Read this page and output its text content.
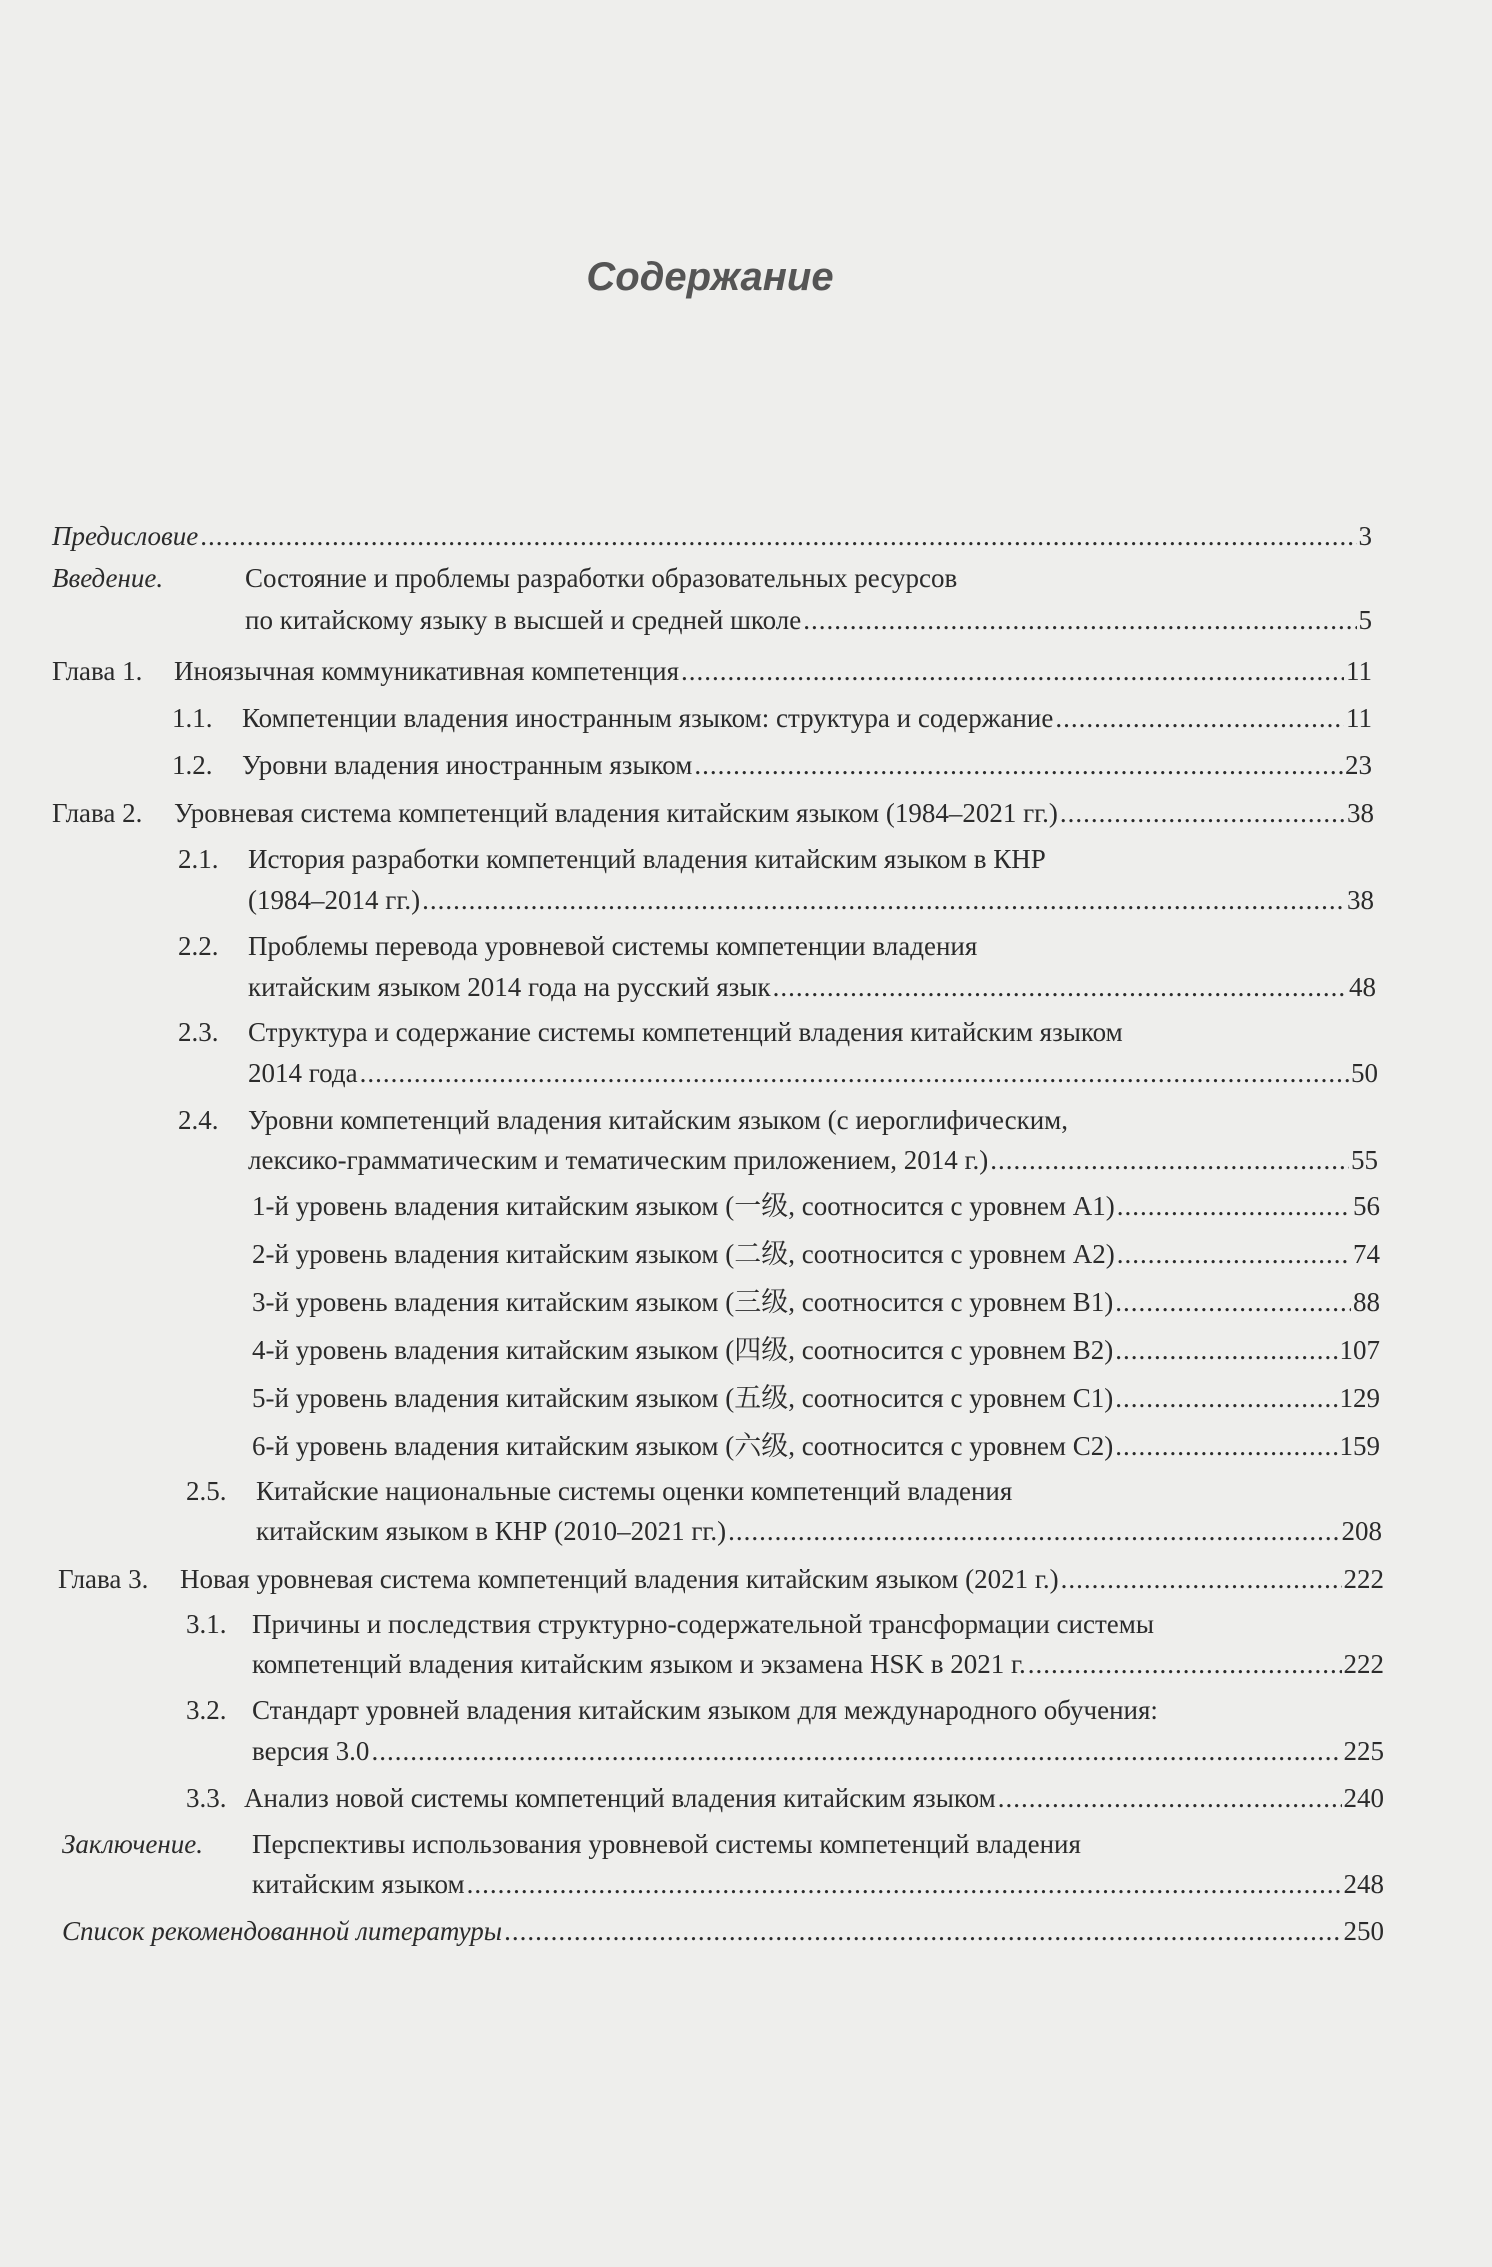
Содержание
Предисловие .....	3
Введение.	Состояние и проблемы разработки образовательных ресурсов
по китайскому языку в высшей и средней школе .....	5
Глава 1.	Иноязычная коммуникативная компетенция .....	11
1.1.	Компетенции владения иностранным языком: структура и содержание .....	11
1.2.	Уровни владения иностранным языком .....	23
Глава 2.	Уровневая система компетенций владения китайским языком (1984–2021 гг.) .....	38
2.1.	История разработки компетенций владения китайским языком в КНР
(1984–2014 гг.) .....	38
2.2.	Проблемы перевода уровневой системы компетенции владения
китайским языком 2014 года на русский язык .....	48
2.3.	Структура и содержание системы компетенций владения китайским языком
2014 года .....	50
2.4.	Уровни компетенций владения китайским языком (с иероглифическим,
лексико-грамматическим и тематическим приложением, 2014 г.) .....	55
1-й уровень владения китайским языком (一级, соотносится с уровнем А1) .....	56
2-й уровень владения китайским языком (二级, соотносится с уровнем А2) .....	74
3-й уровень владения китайским языком (三级, соотносится с уровнем В1) .....	88
4-й уровень владения китайским языком (四级, соотносится с уровнем В2) .....	107
5-й уровень владения китайским языком (五级, соотносится с уровнем С1) .....	129
6-й уровень владения китайским языком (六级, соотносится с уровнем С2) .....	159
2.5.	Китайские национальные системы оценки компетенций владения
китайским языком в КНР (2010–2021 гг.) .....	208
Глава 3.	Новая уровневая система компетенций владения китайским языком (2021 г.) .....	222
3.1. Причины и последствия структурно-содержательной трансформации системы
компетенций владения китайским языком и экзамена HSK в 2021 г. .....	222
3.2. Стандарт уровней владения китайским языком для международного обучения:
версия 3.0 .....	225
3.3. Анализ новой системы компетенций владения китайским языком .....	240
Заключение.	Перспективы использования уровневой системы компетенций владения
китайским языком .....	248
Список рекомендованной литературы .....	250
